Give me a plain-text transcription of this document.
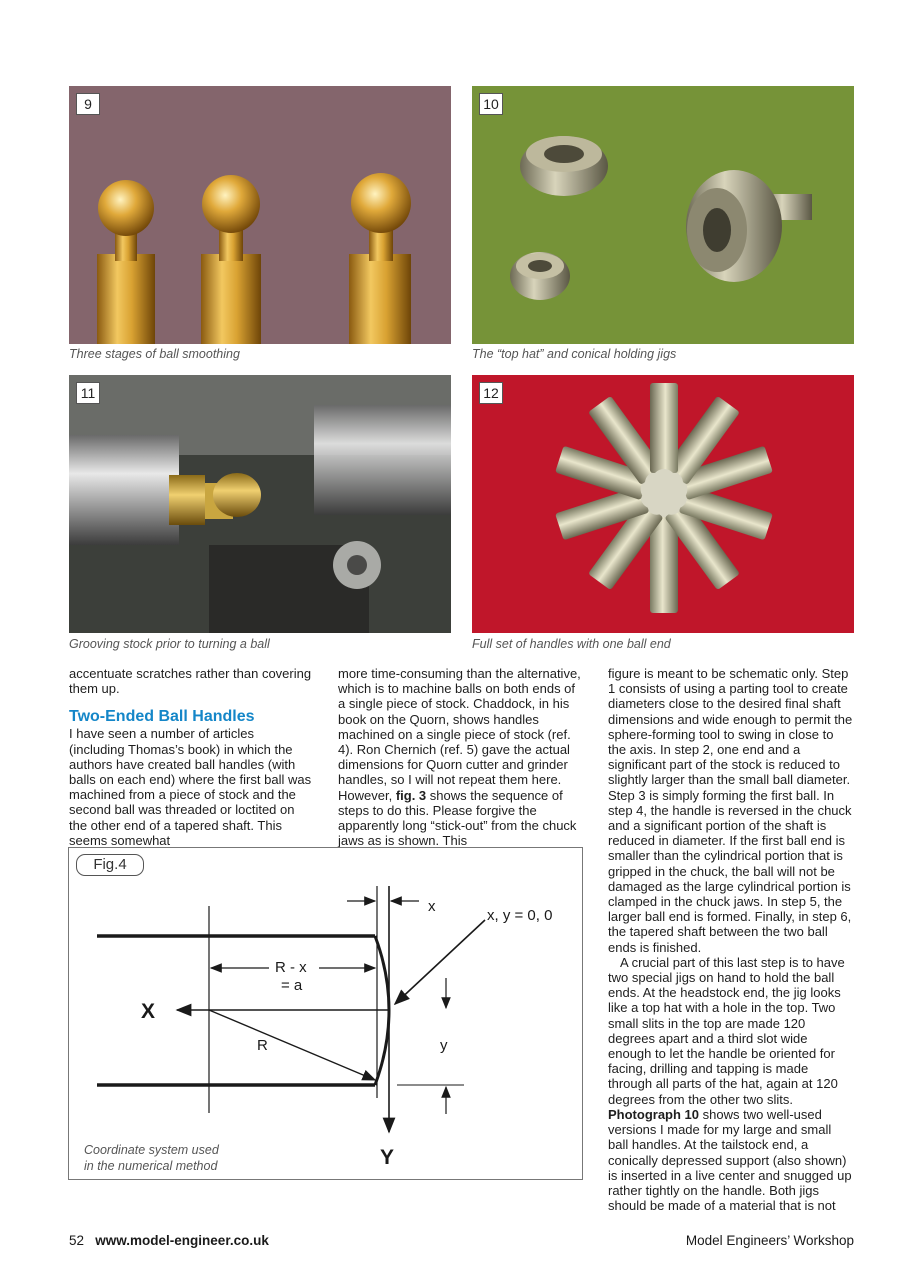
9
Three stages of ball smoothing
10
The “top hat” and conical holding jigs
11
Grooving stock prior to turning a ball
12
Full set of handles with one ball end

accentuate scratches rather than covering them up.

Two-Ended Ball Handles

I have seen a number of articles (including Thomas’s book) in which the authors have created ball handles (with balls on each end) where the first ball was machined from a piece of stock and the second ball was threaded or loctited on the other end of a tapered shaft. This seems somewhat

more time-consuming than the alternative, which is to machine balls on both ends of a single piece of stock. Chaddock, in his book on the Quorn, shows handles machined on a single piece of stock (ref. 4). Ron Chernich (ref. 5) gave the actual dimensions for Quorn cutter and grinder handles, so I will not repeat them here. However, fig. 3 shows the sequence of steps to do this. Please forgive the apparently long “stick-out” from the chuck jaws as is shown. This

figure is meant to be schematic only. Step 1 consists of using a parting tool to create diameters close to the desired final shaft dimensions and wide enough to permit the sphere-forming tool to swing in close to the axis. In step 2, one end and a significant part of the stock is reduced to slightly larger than the small ball diameter. Step 3 is simply forming the first ball. In step 4, the handle is reversed in the chuck and a significant portion of the shaft is reduced in diameter. If the first ball end is smaller than the cylindrical portion that is gripped in the chuck, the ball will not be damaged as the large cylindrical portion is clamped in the chuck jaws. In step 5, the larger ball end is formed. Finally, in step 6, the tapered shaft between the two ball ends is finished.

A crucial part of this last step is to have two special jigs on hand to hold the ball ends. At the headstock end, the jig looks like a top hat with a hole in the top. Two small slits in the top are made 120 degrees apart and a third slot wide enough to let the handle be oriented for facing, drilling and tapping is made through all parts of the hat, again at 120 degrees from the other two slits. Photograph 10 shows two well-used versions I made for my large and small ball handles. At the tailstock end, a conically depressed support (also shown) is inserted in a live center and snugged up rather tightly on the handle. Both jigs should be made of a material that is not

Fig.4
x
x, y = 0, 0
R - x
= a
X
R	y
Y
Coordinate system used
in the numerical method
52 www.model-engineer.co.uk	Model Engineers’ Workshop
